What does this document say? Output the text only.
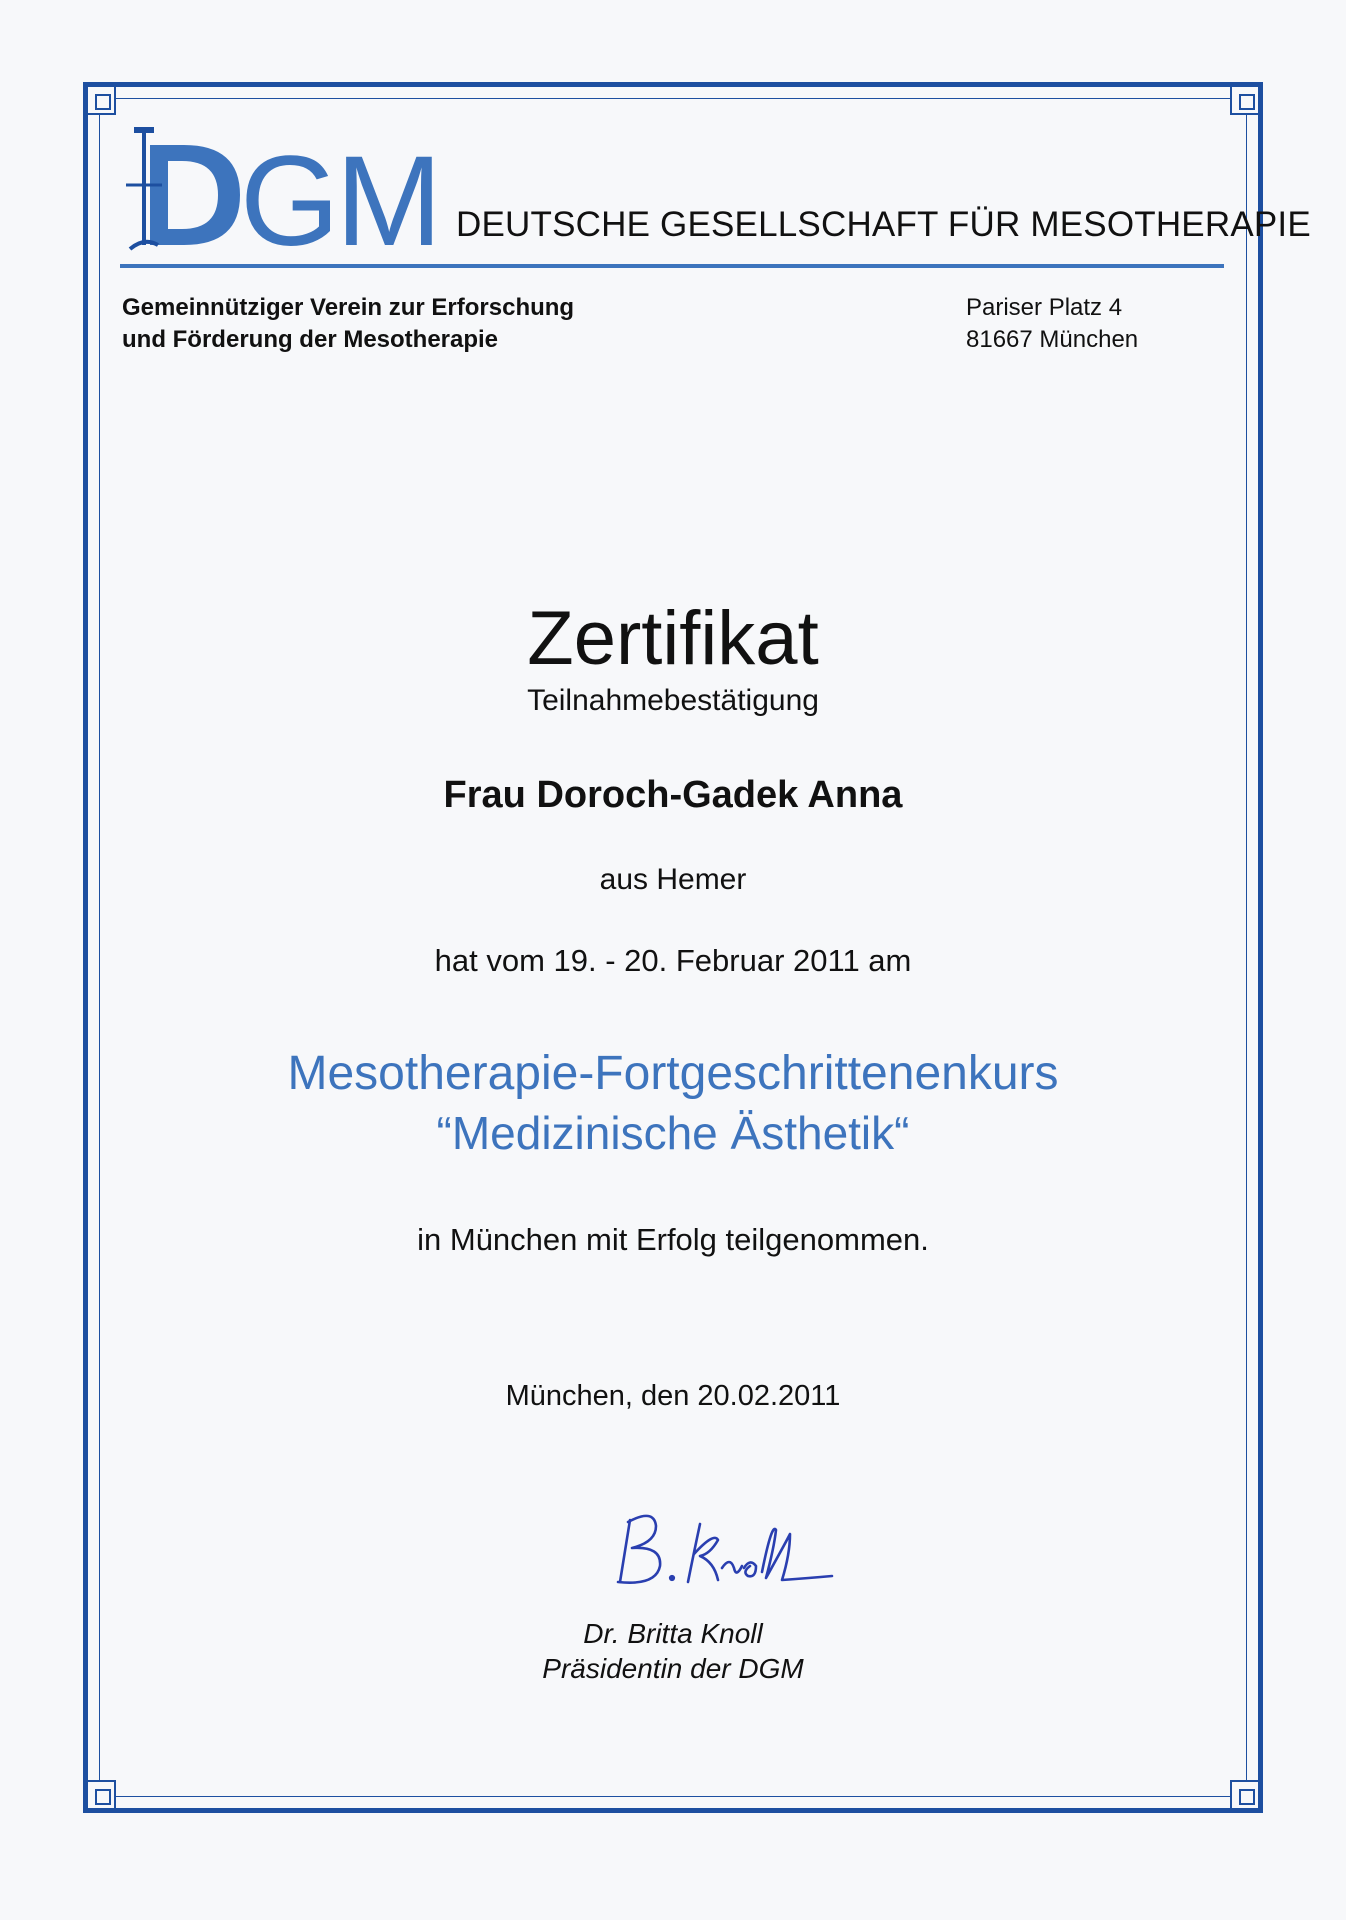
GM DEUTSCHE GESELLSCHAFT FÜR MESOTHERAPIE
Gemeinnütziger Verein zur Erforschung
und Förderung der Mesotherapie
Pariser Platz 4
81667 München
Zertifikat
Teilnahmebestätigung
Frau Doroch-Gadek Anna
aus Hemer
hat vom 19. - 20. Februar 2011 am
Mesotherapie-Fortgeschrittenenkurs
“Medizinische Ästhetik“
in München mit Erfolg teilgenommen.
München, den 20.02.2011
Dr. Britta Knoll
Präsidentin der DGM
